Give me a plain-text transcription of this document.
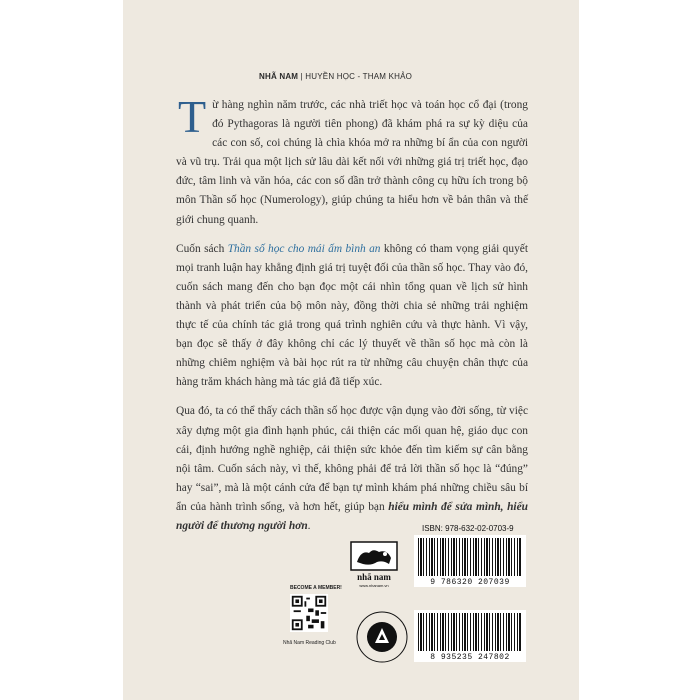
NHÃ NAM | HUYỀN HỌC - THAM KHẢO

T ừ hàng nghìn năm trước, các nhà triết học và toán học cổ đại (trong đó Pythagoras là người tiên phong) đã khám phá ra sự kỳ diệu của các con số, coi chúng là chìa khóa mở ra những bí ẩn của con người và vũ trụ. Trải qua một lịch sử lâu dài kết nối với những giá trị triết học, đạo đức, tâm linh và văn hóa, các con số dần trở thành công cụ hữu ích trong bộ môn Thần số học (Numerology), giúp chúng ta hiểu hơn về bản thân và thế giới chung quanh.

Cuốn sách Thần số học cho mái ấm bình an không có tham vọng giải quyết mọi tranh luận hay khẳng định giá trị tuyệt đối của thần số học. Thay vào đó, cuốn sách mang đến cho bạn đọc một cái nhìn tổng quan về lịch sử hình thành và phát triển của bộ môn này, đồng thời chia sẻ những trải nghiệm thực tế của chính tác giả trong quá trình nghiên cứu và thực hành. Vì vậy, bạn đọc sẽ thấy ở đây không chỉ các lý thuyết về thần số học mà còn là những chiêm nghiệm và bài học rút ra từ những câu chuyện chân thực của hàng trăm khách hàng mà tác giả đã tiếp xúc.

Qua đó, ta có thể thấy cách thần số học được vận dụng vào đời sống, từ việc xây dựng một gia đình hạnh phúc, cải thiện các mối quan hệ, giáo dục con cái, định hướng nghề nghiệp, cải thiện sức khỏe đến tìm kiếm sự cân bằng nội tâm. Cuốn sách này, vì thế, không phải để trả lời thần số học là “đúng” hay “sai”, mà là một cánh cửa để bạn tự mình khám phá những chiều sâu bí ẩn của hành trình sống, và hơn hết, giúp bạn hiểu mình để sửa mình, hiểu người để thương người hơn.

nhã nam
www.nhanam.vn
ISBN: 978-632-02-0703-9
9 786320 207039
8 935235 247802
BECOME A MEMBER!
Nhã Nam Reading Club
